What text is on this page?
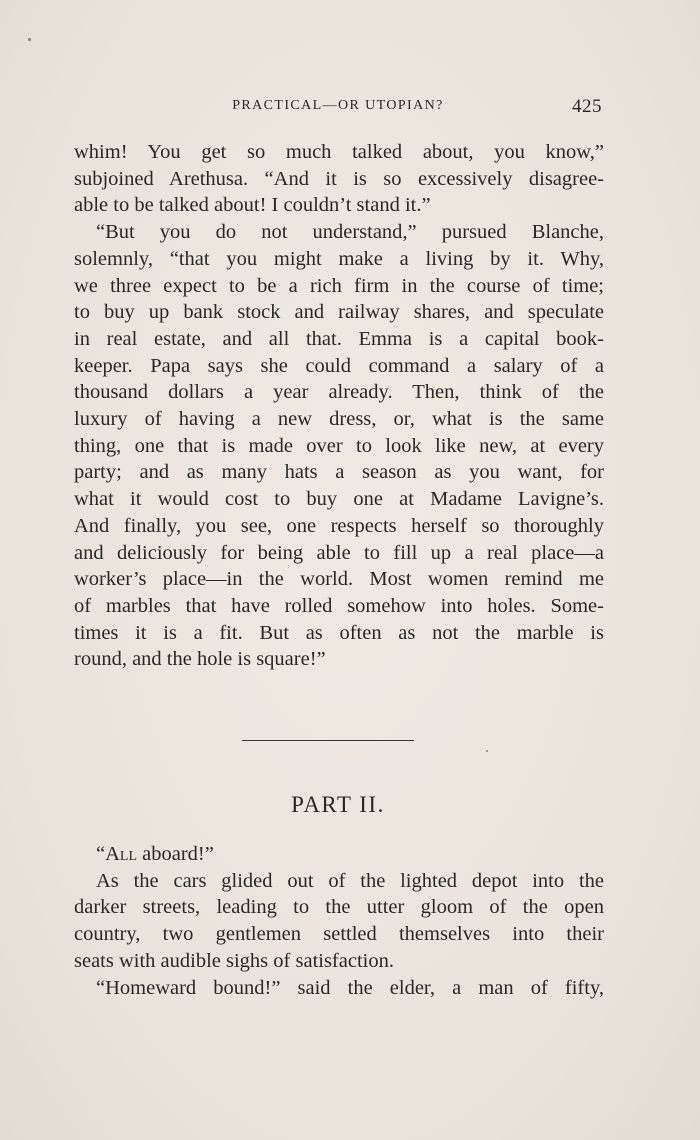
PRACTICAL—OR UTOPIAN?	425
whim! You get so much talked about, you know,”
subjoined Arethusa. “And it is so excessively disagree-
able to be talked about! I couldn’t stand it.”
“But you do not understand,” pursued Blanche,
solemnly, “that you might make a living by it. Why,
we three expect to be a rich firm in the course of time;
to buy up bank stock and railway shares, and speculate
in real estate, and all that. Emma is a capital book-
keeper. Papa says she could command a salary of a
thousand dollars a year already. Then, think of the
luxury of having a new dress, or, what is the same
thing, one that is made over to look like new, at every
party; and as many hats a season as you want, for
what it would cost to buy one at Madame Lavigne’s.
And finally, you see, one respects herself so thoroughly
and deliciously for being able to fill up a real place—a
worker’s place—in the world. Most women remind me
of marbles that have rolled somehow into holes. Some-
times it is a fit. But as often as not the marble is
round, and the hole is square!”
PART II.
“All aboard!”
As the cars glided out of the lighted depot into the
darker streets, leading to the utter gloom of the open
country, two gentlemen settled themselves into their
seats with audible sighs of satisfaction.
“Homeward bound!” said the elder, a man of fifty,
